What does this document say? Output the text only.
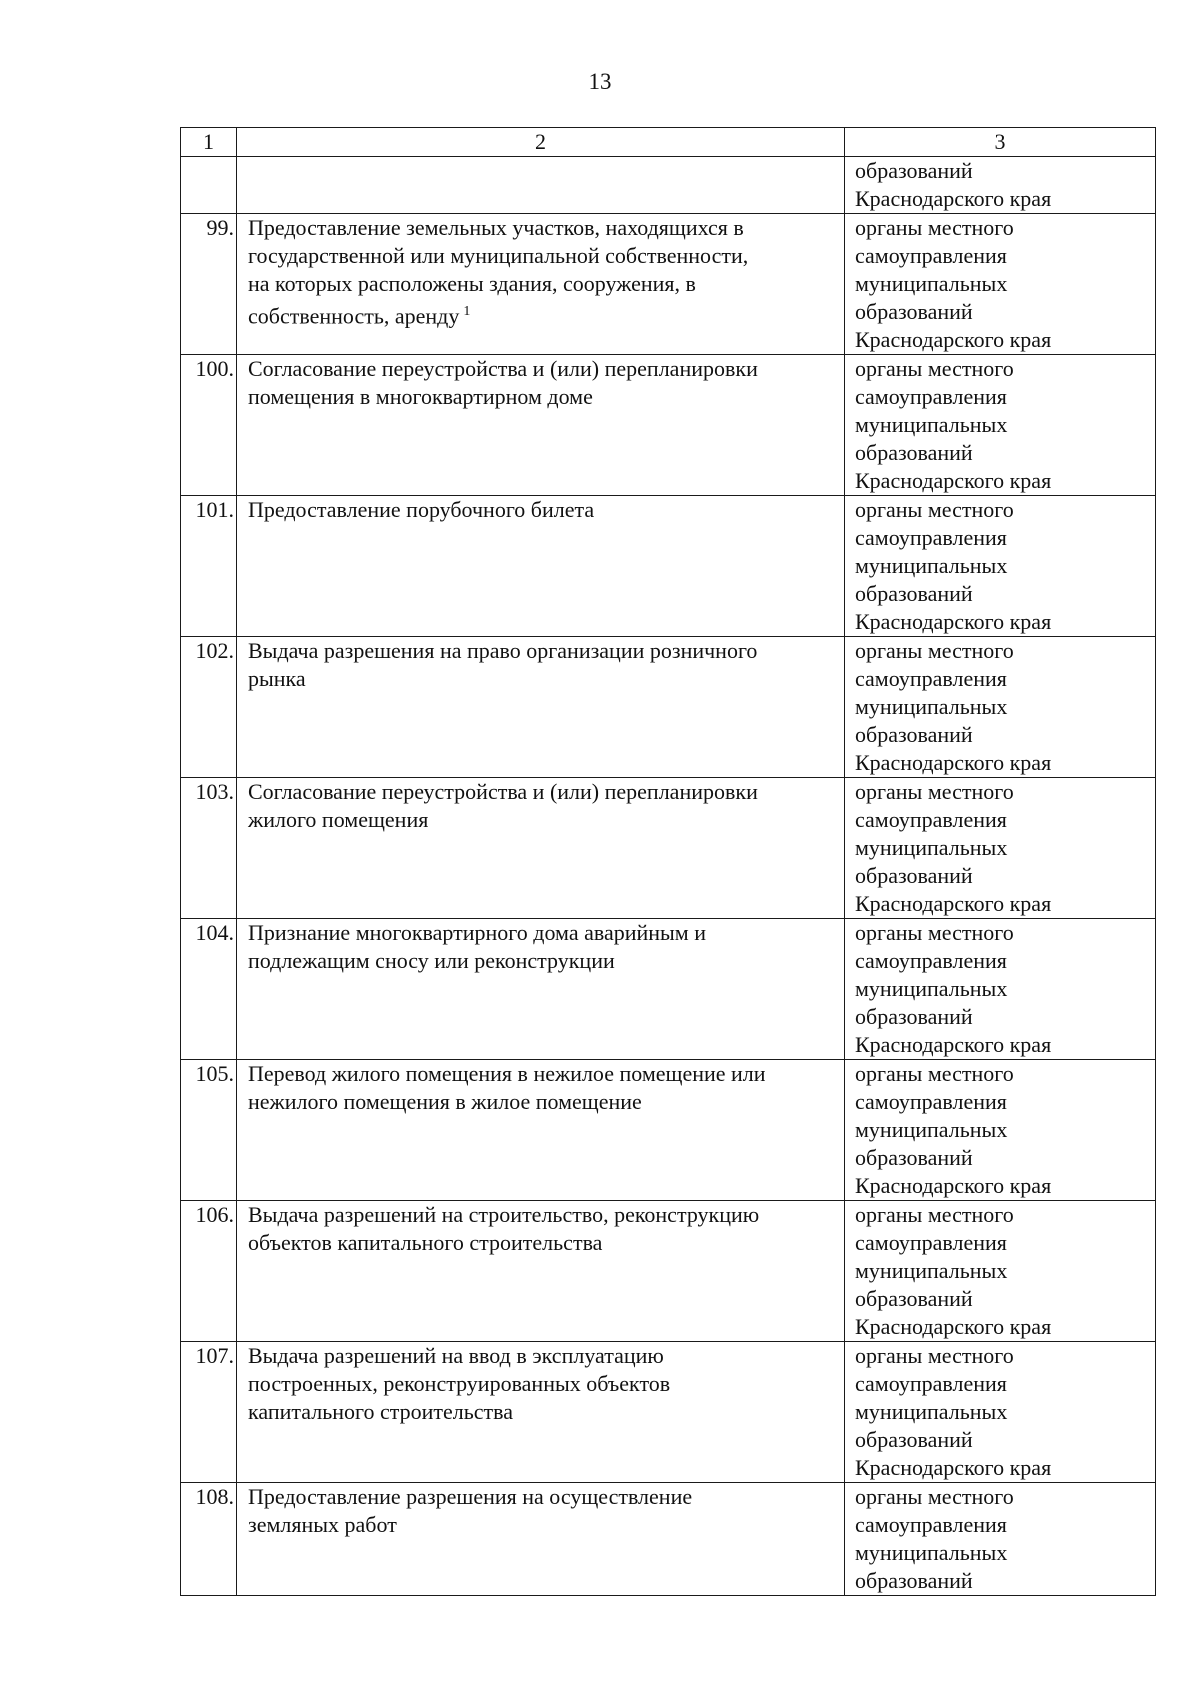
13
1	2	3
		образований
Краснодарского края
99.	Предоставление земельных участков, находящихся в
государственной или муниципальной собственности,
на которых расположены здания, сооружения, в
собственность, аренду $^1$	органы местного
самоуправления
муниципальных
образований
Краснодарского края
100.	Согласование переустройства и (или) перепланировки
помещения в многоквартирном доме	органы местного
самоуправления
муниципальных
образований
Краснодарского края
101.	Предоставление порубочного билета	органы местного
самоуправления
муниципальных
образований
Краснодарского края
102.	Выдача разрешения на право организации розничного
рынка	органы местного
самоуправления
муниципальных
образований
Краснодарского края
103.	Согласование переустройства и (или) перепланировки
жилого помещения	органы местного
самоуправления
муниципальных
образований
Краснодарского края
104.	Признание многоквартирного дома аварийным и
подлежащим сносу или реконструкции	органы местного
самоуправления
муниципальных
образований
Краснодарского края
105.	Перевод жилого помещения в нежилое помещение или
нежилого помещения в жилое помещение	органы местного
самоуправления
муниципальных
образований
Краснодарского края
106.	Выдача разрешений на строительство, реконструкцию
объектов капитального строительства	органы местного
самоуправления
муниципальных
образований
Краснодарского края
107.	Выдача разрешений на ввод в эксплуатацию
построенных, реконструированных объектов
капитального строительства	органы местного
самоуправления
муниципальных
образований
Краснодарского края
108.	Предоставление разрешения на осуществление
земляных работ	органы местного
самоуправления
муниципальных
образований
